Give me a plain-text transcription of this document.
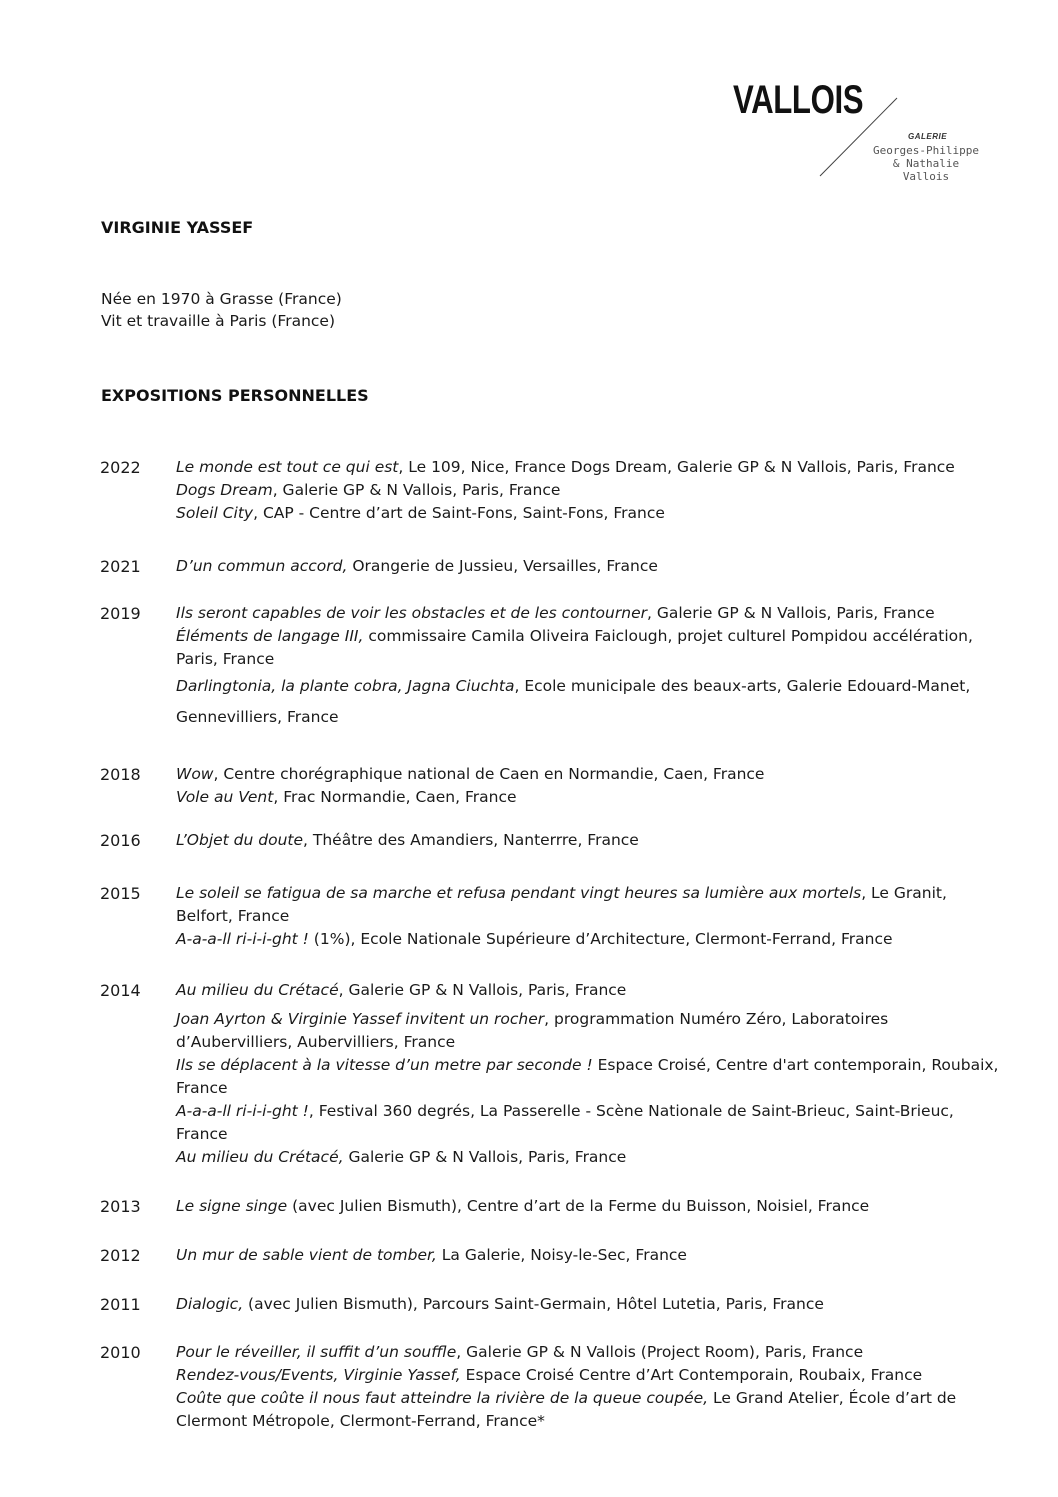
VALLOIS
GALERIE
Georges-Philippe
& Nathalie
Vallois
VIRGINIE YASSEF
Née en 1970 à Grasse (France)
Vit et travaille à Paris (France)
EXPOSITIONS PERSONNELLES
2022 Le monde est tout ce qui est, Le 109, Nice, France Dogs Dream, Galerie GP & N Vallois, Paris, France
Dogs Dream, Galerie GP & N Vallois, Paris, France
Soleil City, CAP - Centre d’art de Saint-Fons, Saint-Fons, France
2021 D’un commun accord, Orangerie de Jussieu, Versailles, France
2019 Ils seront capables de voir les obstacles et de les contourner, Galerie GP & N Vallois, Paris, France
Éléments de langage III, commissaire Camila Oliveira Faiclough, projet culturel Pompidou accélération, Paris, France
Darlingtonia, la plante cobra, Jagna Ciuchta, Ecole municipale des beaux-arts, Galerie Edouard-Manet, Gennevilliers, France
2018 Wow, Centre chorégraphique national de Caen en Normandie, Caen, France
Vole au Vent, Frac Normandie, Caen, France
2016 L’Objet du doute, Théâtre des Amandiers, Nanterrre, France
2015 Le soleil se fatigua de sa marche et refusa pendant vingt heures sa lumière aux mortels, Le Granit, Belfort, France
A-a-a-ll ri-i-i-ght ! (1%), Ecole Nationale Supérieure d’Architecture, Clermont-Ferrand, France
2014 Au milieu du Crétacé, Galerie GP & N Vallois, Paris, France
Joan Ayrton & Virginie Yassef invitent un rocher, programmation Numéro Zéro, Laboratoires d’Aubervilliers, Aubervilliers, France
Ils se déplacent à la vitesse d’un metre par seconde ! Espace Croisé, Centre d'art contemporain, Roubaix, France
A-a-a-ll ri-i-i-ght !, Festival 360 degrés, La Passerelle - Scène Nationale de Saint-Brieuc, Saint-Brieuc, France
Au milieu du Crétacé, Galerie GP & N Vallois, Paris, France
2013 Le signe singe (avec Julien Bismuth), Centre d’art de la Ferme du Buisson, Noisiel, France
2012 Un mur de sable vient de tomber, La Galerie, Noisy-le-Sec, France
2011 Dialogic, (avec Julien Bismuth), Parcours Saint-Germain, Hôtel Lutetia, Paris, France
2010 Pour le réveiller, il suffit d’un souffle, Galerie GP & N Vallois (Project Room), Paris, France
Rendez-vous/Events, Virginie Yassef, Espace Croisé Centre d’Art Contemporain, Roubaix, France
Coûte que coûte il nous faut atteindre la rivière de la queue coupée, Le Grand Atelier, École d’art de Clermont Métropole, Clermont-Ferrand, France*
